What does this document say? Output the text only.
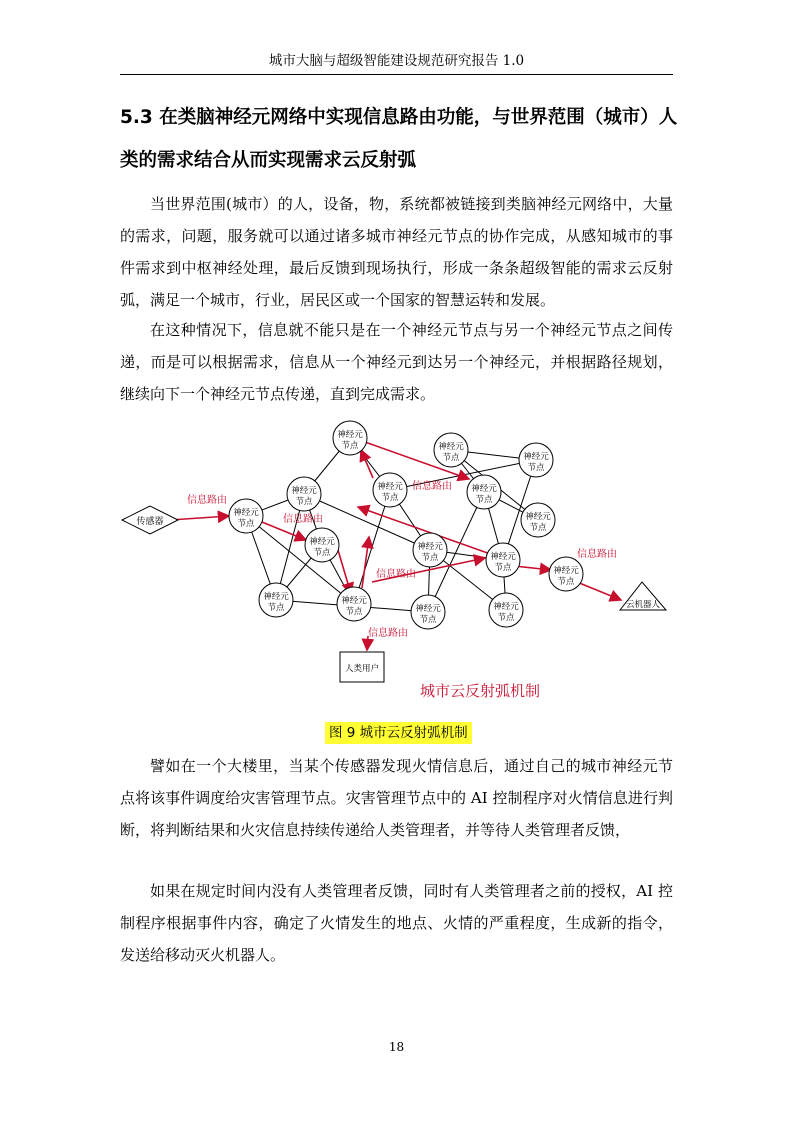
城市大脑与超级智能建设规范研究报告 1.0
5.3 在类脑神经元网络中实现信息路由功能，与世界范围（城市）人类的需求结合从而实现需求云反射弧

当世界范围(城市）的人，设备，物，系统都被链接到类脑神经元网络中，大量的需求，问题，服务就可以通过诸多城市神经元节点的协作完成，从感知城市的事件需求到中枢神经处理，最后反馈到现场执行，形成一条条超级智能的需求云反射弧，满足一个城市，行业，居民区或一个国家的智慧运转和发展。

在这种情况下，信息就不能只是在一个神经元节点与另一个神经元节点之间传递，而是可以根据需求，信息从一个神经元到达另一个神经元，并根据路径规划，继续向下一个神经元节点传递，直到完成需求。

神经元
节点	神经元
节点	神经元
节点
神经元
节点
神经元
节点
神经元
节点
神经元
节点
神经元
节点
神经元
节点
神经元
节点	神经元
节点	神经元
节点
神经元
节点
神经元
节点	神经元
节点
神经元
节点
信息路由
信息路由
信息路由
信息路由
信息路由
信息路由
传感器
云机器人
人类用户
城市云反射弧机制
图 9 城市云反射弧机制

譬如在一个大楼里，当某个传感器发现火情信息后，通过自己的城市神经元节点将该事件调度给灾害管理节点。灾害管理节点中的 AI 控制程序对火情信息进行判断，将判断结果和火灾信息持续传递给人类管理者，并等待人类管理者反馈，

如果在规定时间内没有人类管理者反馈，同时有人类管理者之前的授权，AI 控制程序根据事件内容，确定了火情发生的地点、火情的严重程度，生成新的指令，发送给移动灭火机器人。

18
